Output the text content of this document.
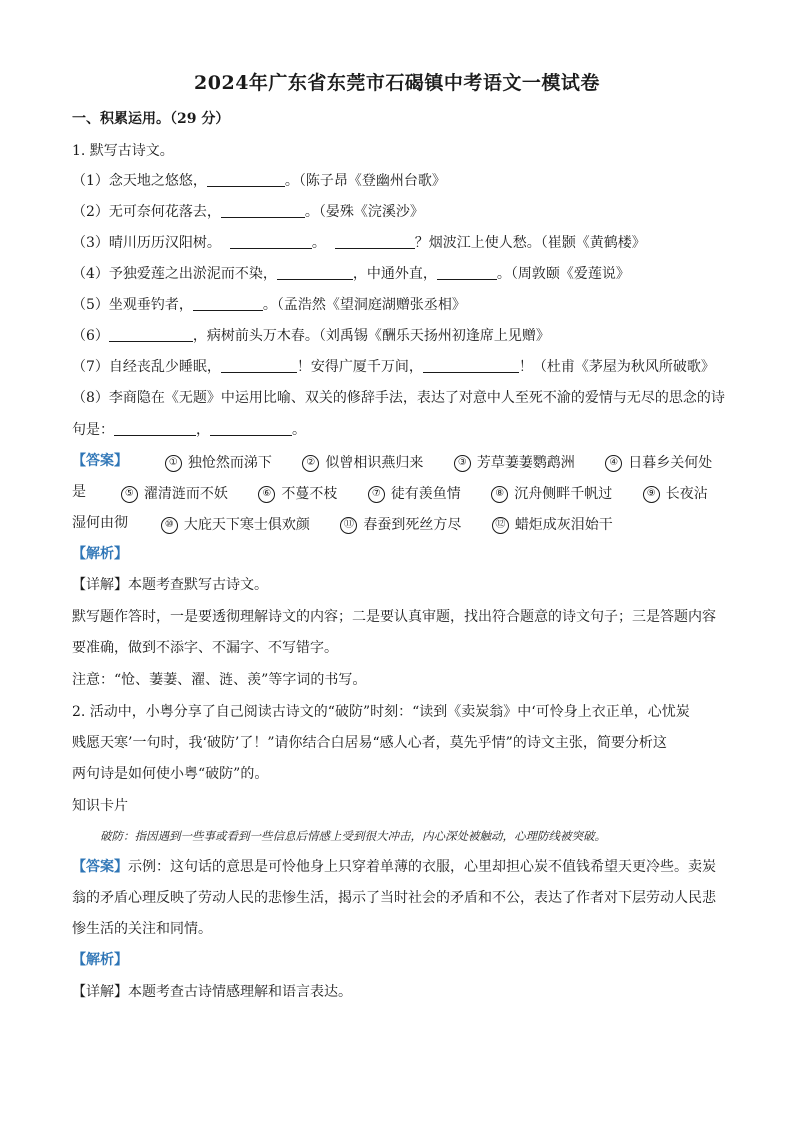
2024年广东省东莞市石碣镇中考语文一模试卷
一、积累运用。（29 分）
1. 默写古诗文。
（1）念天地之悠悠，	。（陈子昂《登幽州台歌》
（2）无可奈何花落去，	。（晏殊《浣溪沙》
（3）晴川历历汉阳树。	。	？烟波江上使人愁。（崔颢《黄鹤楼》
（4）予独爱莲之出淤泥而不染，	，中通外直，	。（周敦颐《爱莲说》
（5）坐观垂钓者，	。（孟浩然《望洞庭湖赠张丞相》
（6）	，病树前头万木春。（刘禹锡《酬乐天扬州初逢席上见赠》
（7）自经丧乱少睡眠，	！安得广厦千万间，	！（杜甫《茅屋为秋风所破歌》
（8）李商隐在《无题》中运用比喻、双关的修辞手法，表达了对意中人至死不渝的爱情与无尽的思念的诗
句是：	，	。
【答案】	① 独怆然而涕下
	② 似曾相识燕归来
	③ 芳草萋萋鹦鹉洲
	④ 日暮乡关何处
是	⑤ 濯清涟而不妖
	⑥ 不蔓不枝
	⑦ 徒有羡鱼情
	⑧ 沉舟侧畔千帆过
	⑨ 长夜沾
湿何由彻	⑩ 大庇天下寒士俱欢颜
	⑪ 春蚕到死丝方尽
	⑫ 蜡炬成灰泪始干
【解析】
【详解】本题考查默写古诗文。
默写题作答时，一是要透彻理解诗文的内容；二是要认真审题，找出符合题意的诗文句子；三是答题内容
要准确，做到不添字、不漏字、不写错字。
注意：“怆、萋萋、濯、涟、羡”等字词的书写。
2. 活动中，小粤分享了自己阅读古诗文的“破防”时刻：“读到《卖炭翁》中‘可怜身上衣正单，心忧炭
贱愿天寒’一句时，我‘破防’了！”请你结合白居易“感人心者，莫先乎情”的诗文主张，简要分析这
两句诗是如何使小粤“破防”的。
知识卡片
破防：指因遇到一些事或看到一些信息后情感上受到很大冲击，内心深处被触动，心理防线被突破。
【答案】示例：这句话的意思是可怜他身上只穿着单薄的衣服，心里却担心炭不值钱希望天更冷些。卖炭
翁的矛盾心理反映了劳动人民的悲惨生活，揭示了当时社会的矛盾和不公，表达了作者对下层劳动人民悲
惨生活的关注和同情。
【解析】
【详解】本题考查古诗情感理解和语言表达。
